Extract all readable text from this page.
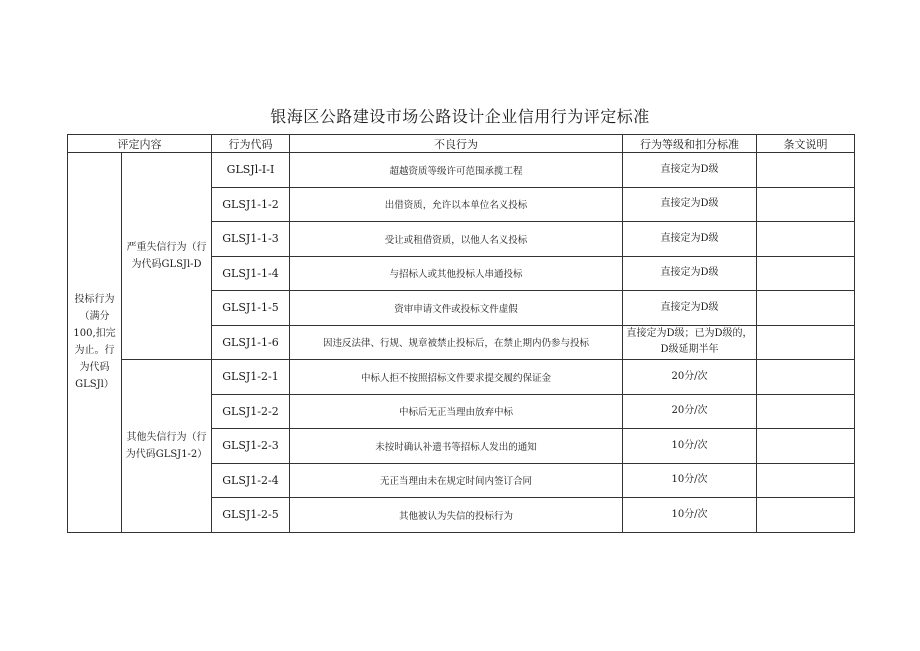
银海区公路建设市场公路设计企业信用行为评定标准
评定内容		行为代码	不良行为	行为等级和扣分标准	条文说明
投标行为（满分100,扣完为止。行为代码GLSJl）	严重失信行为（行为代码GLSJl-D	GLSJl-I-I	超越资质等级许可范围承揽工程	直接定为D级	
		GLSJ1-1-2	出借资质，允许以本单位名义投标	直接定为D级	
		GLSJ1-1-3	受让或租借资质，以他人名义投标	直接定为D级	
		GLSJ1-1-4	与招标人或其他投标人串通投标	直接定为D级	
		GLSJ1-1-5	资审申请文件或投标文件虚假	直接定为D级	
		GLSJ1-1-6	因违反法律、行规、规章被禁止投标后，在禁止期内仍参与投标	直接定为D级；已为D级的，D级延期半年	
	其他失信行为（行为代码GLSJ1-2）	GLSJ1-2-1	中标人拒不按照招标文件要求提交履约保证金	20分/次	
		GLSJ1-2-2	中标后无正当理由放弃中标	20分/次	
		GLSJ1-2-3	未按时确认补遗书等招标人发出的通知	10分/次	
		GLSJ1-2-4	无正当理由未在规定时间内签订合同	10分/次	
		GLSJ1-2-5	其他被认为失信的投标行为	10分/次	
